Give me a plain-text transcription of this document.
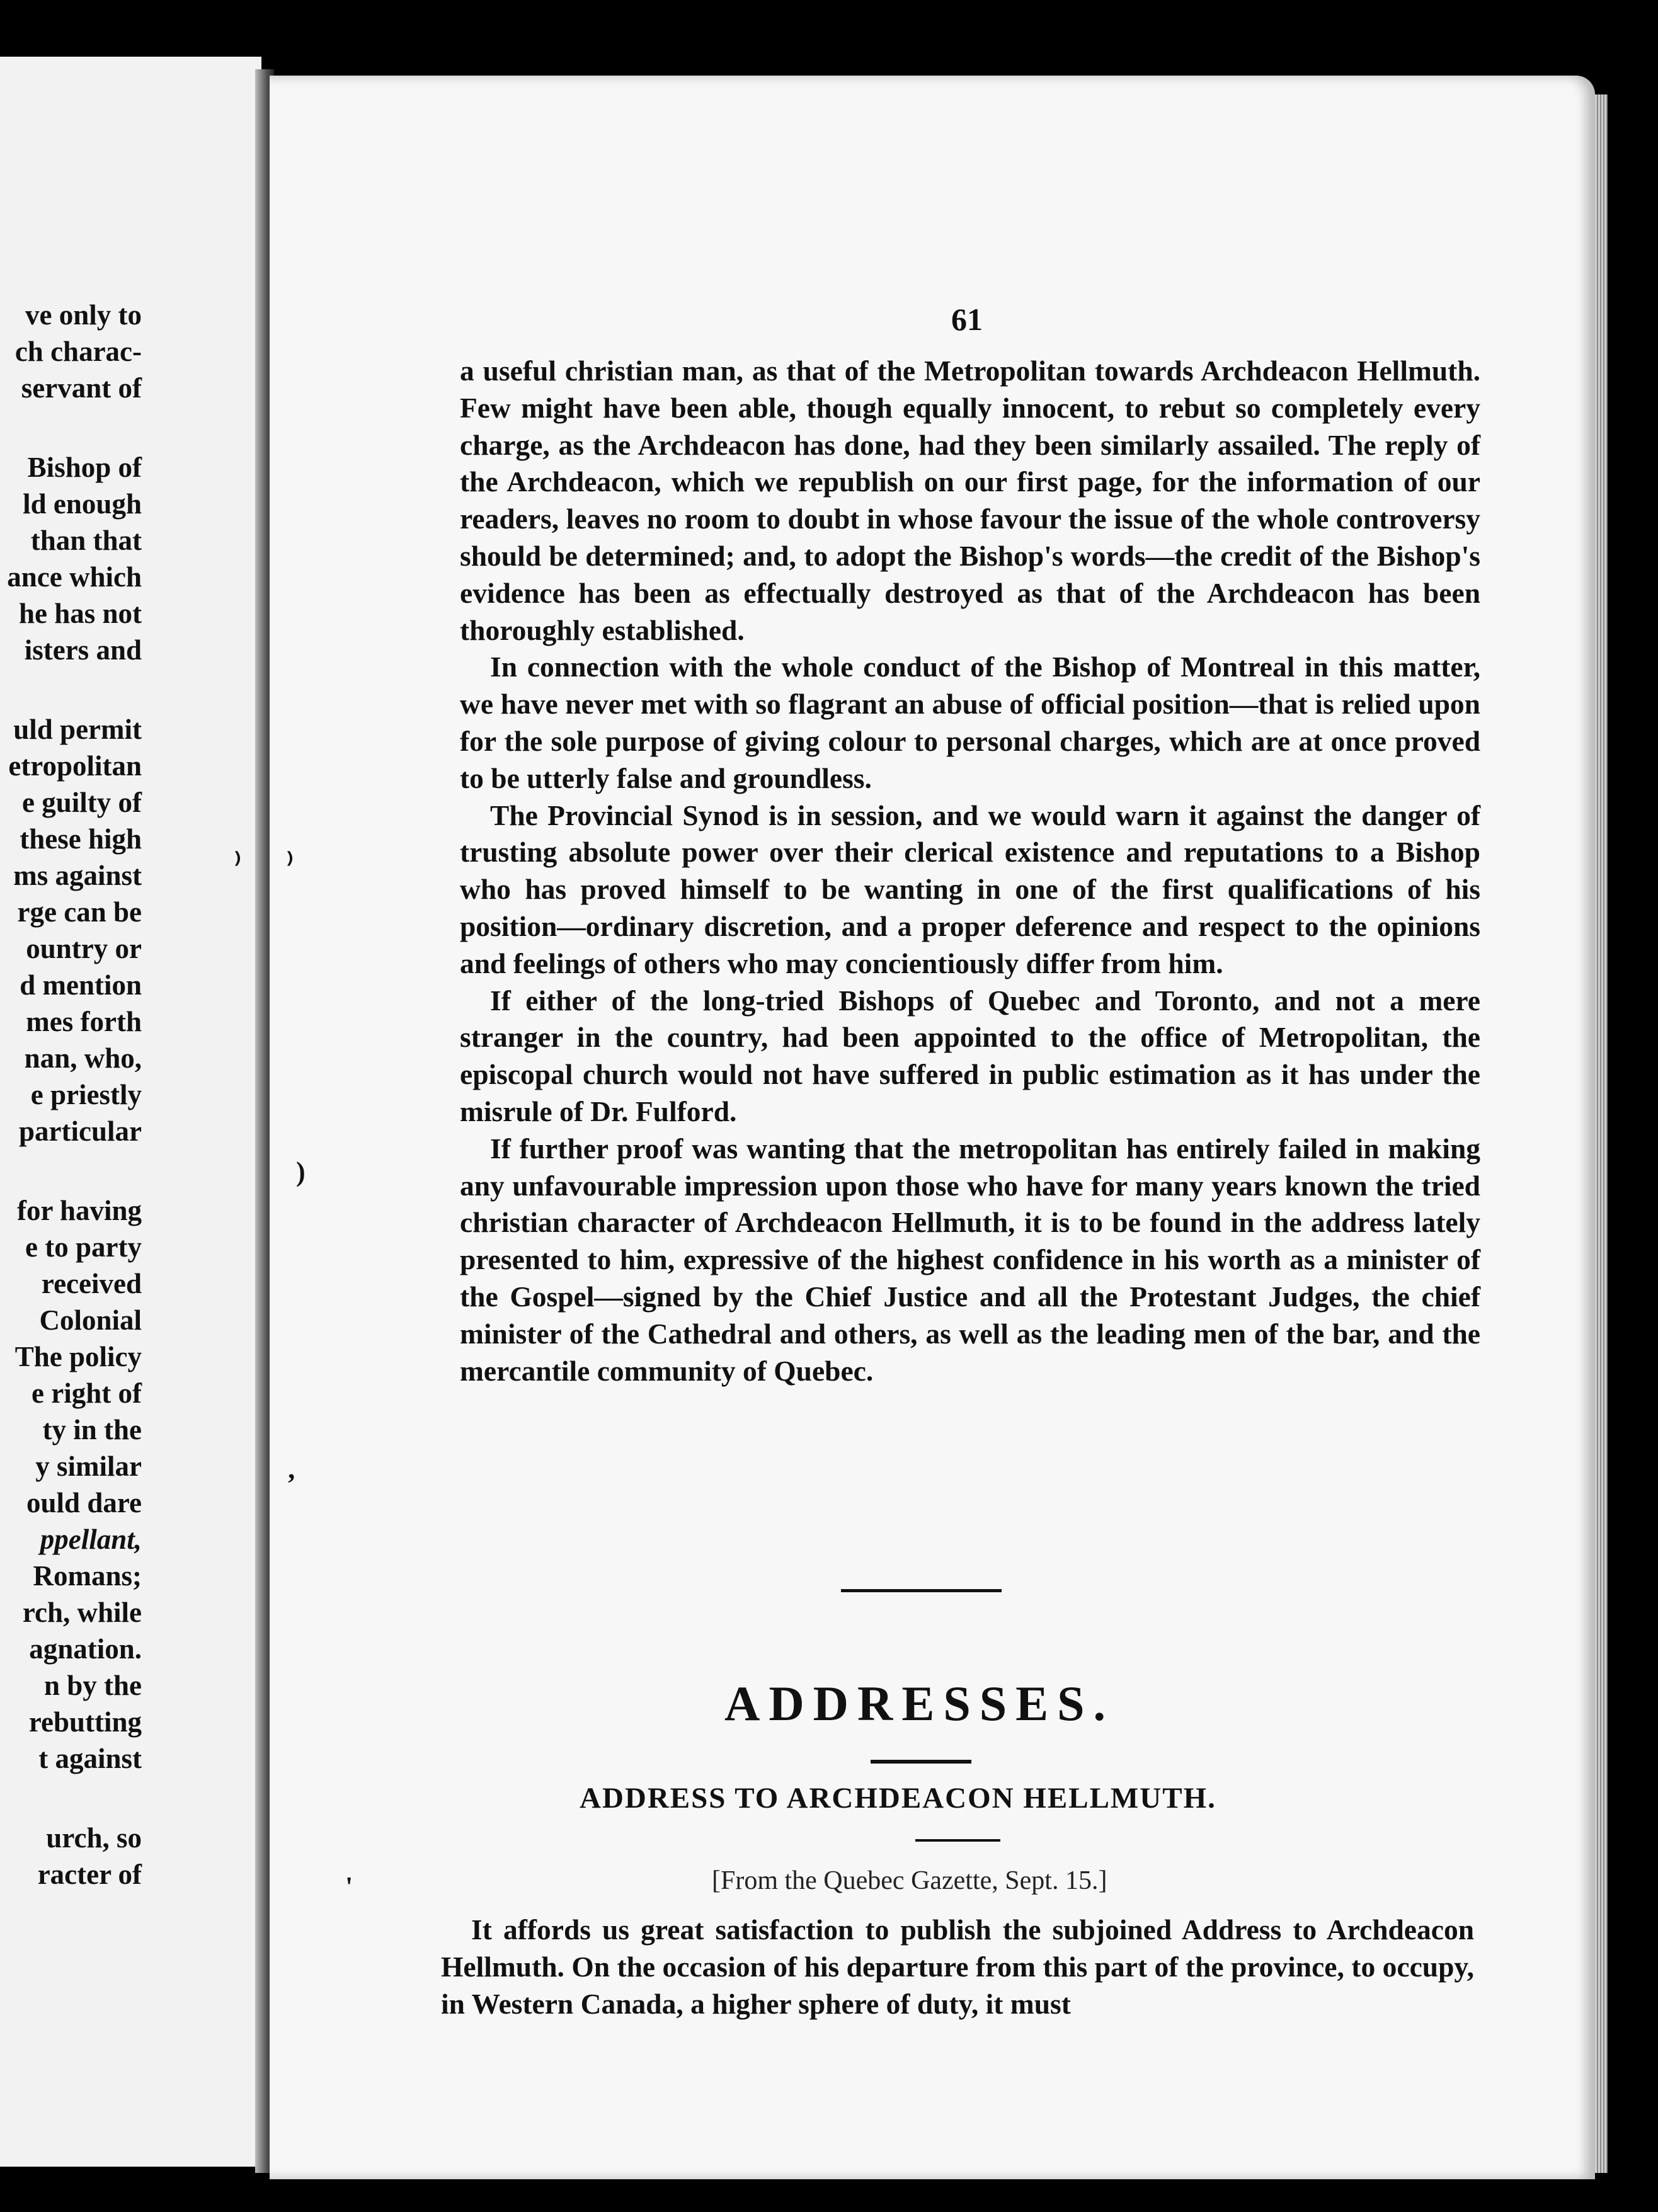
ve only to
ch charac-
servant of
Bishop of
ld enough
than that
ance which
he has not
isters and
uld permit
etropolitan
e guilty of
these high
ms against
rge can be
ountry or
d mention
mes forth
nan, who,
e priestly
particular
for having
e to party
received
Colonial
The policy
e right of
ty in the
y similar
ould dare
ppellant,
Romans;
rch, while
agnation.
n by the
rebutting
t against
urch, so
racter of
61

a useful christian man, as that of the Metropolitan towards Archdeacon Hellmuth. Few might have been able, though equally innocent, to rebut so completely every charge, as the Archdeacon has done, had they been similarly assailed. The reply of the Archdeacon, which we republish on our first page, for the information of our readers, leaves no room to doubt in whose favour the issue of the whole controversy should be determined; and, to adopt the Bishop's words—the credit of the Bishop's evidence has been as effectually destroyed as that of the Archdeacon has been thoroughly established.

In connection with the whole conduct of the Bishop of Montreal in this matter, we have never met with so flagrant an abuse of official position—that is relied upon for the sole purpose of giving colour to personal charges, which are at once proved to be utterly false and groundless.

The Provincial Synod is in session, and we would warn it against the danger of trusting absolute power over their clerical existence and reputations to a Bishop who has proved himself to be wanting in one of the first qualifications of his position—ordinary discretion, and a proper deference and respect to the opinions and feelings of others who may concientiously differ from him.

If either of the long-tried Bishops of Quebec and Toronto, and not a mere stranger in the country, had been appointed to the office of Metropolitan, the episcopal church would not have suffered in public estimation as it has under the misrule of Dr. Fulford.

If further proof was wanting that the metropolitan has entirely failed in making any unfavourable impression upon those who have for many years known the tried christian character of Archdeacon Hellmuth, it is to be found in the address lately presented to him, expressive of the highest confidence in his worth as a minister of the Gospel—signed by the Chief Justice and all the Protestant Judges, the chief minister of the Cathedral and others, as well as the leading men of the bar, and the mercantile community of Quebec.

⁾ ⁾
)
ʼ
'
ADDRESSES.
ADDRESS TO ARCHDEACON HELLMUTH.
[From the Quebec Gazette, Sept. 15.]

It affords us great satisfaction to publish the subjoined Address to Archdeacon Hellmuth. On the occasion of his departure from this part of the province, to occupy, in Western Canada, a higher sphere of duty, it must
